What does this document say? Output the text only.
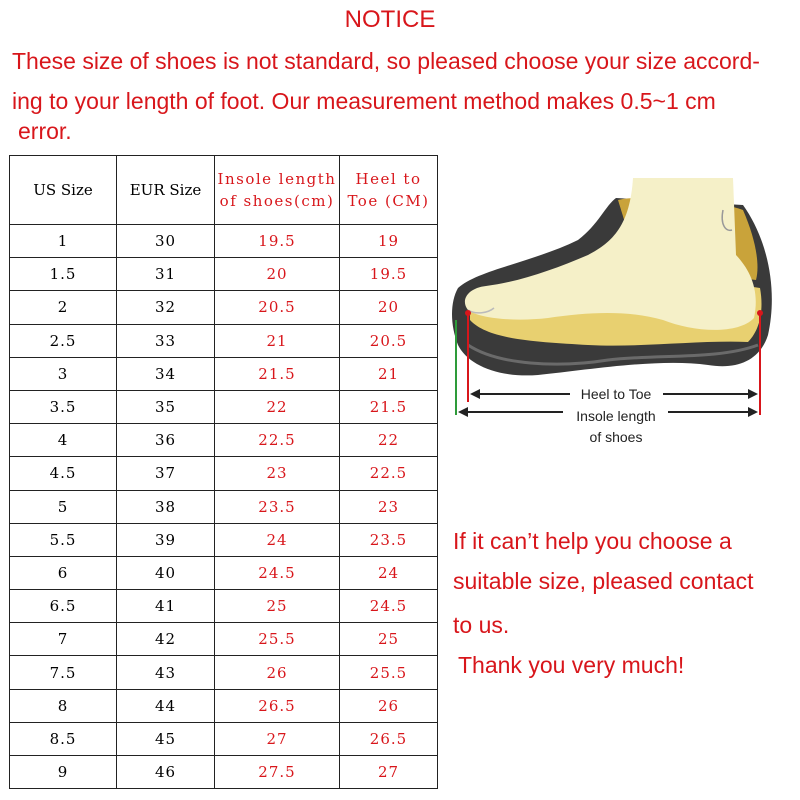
NOTICE
These size of shoes is not standard, so pleased choose your size accord-
ing to your length of foot. Our measurement method makes 0.5~1 cm
error.
US Size	EUR Size	Insole length of shoes(cm)	Heel to Toe (CM)
1	30	19.5	19
1.5	31	20	19.5
2	32	20.5	20
2.5	33	21	20.5
3	34	21.5	21
3.5	35	22	21.5
4	36	22.5	22
4.5	37	23	22.5
5	38	23.5	23
5.5	39	24	23.5
6	40	24.5	24
6.5	41	25	24.5
7	42	25.5	25
7.5	43	26	25.5
8	44	26.5	26
8.5	45	27	26.5
9	46	27.5	27
Heel to Toe
Insole length
of shoes
If it can’t help you choose a
suitable size, pleased contact
to us.
Thank you very much!
